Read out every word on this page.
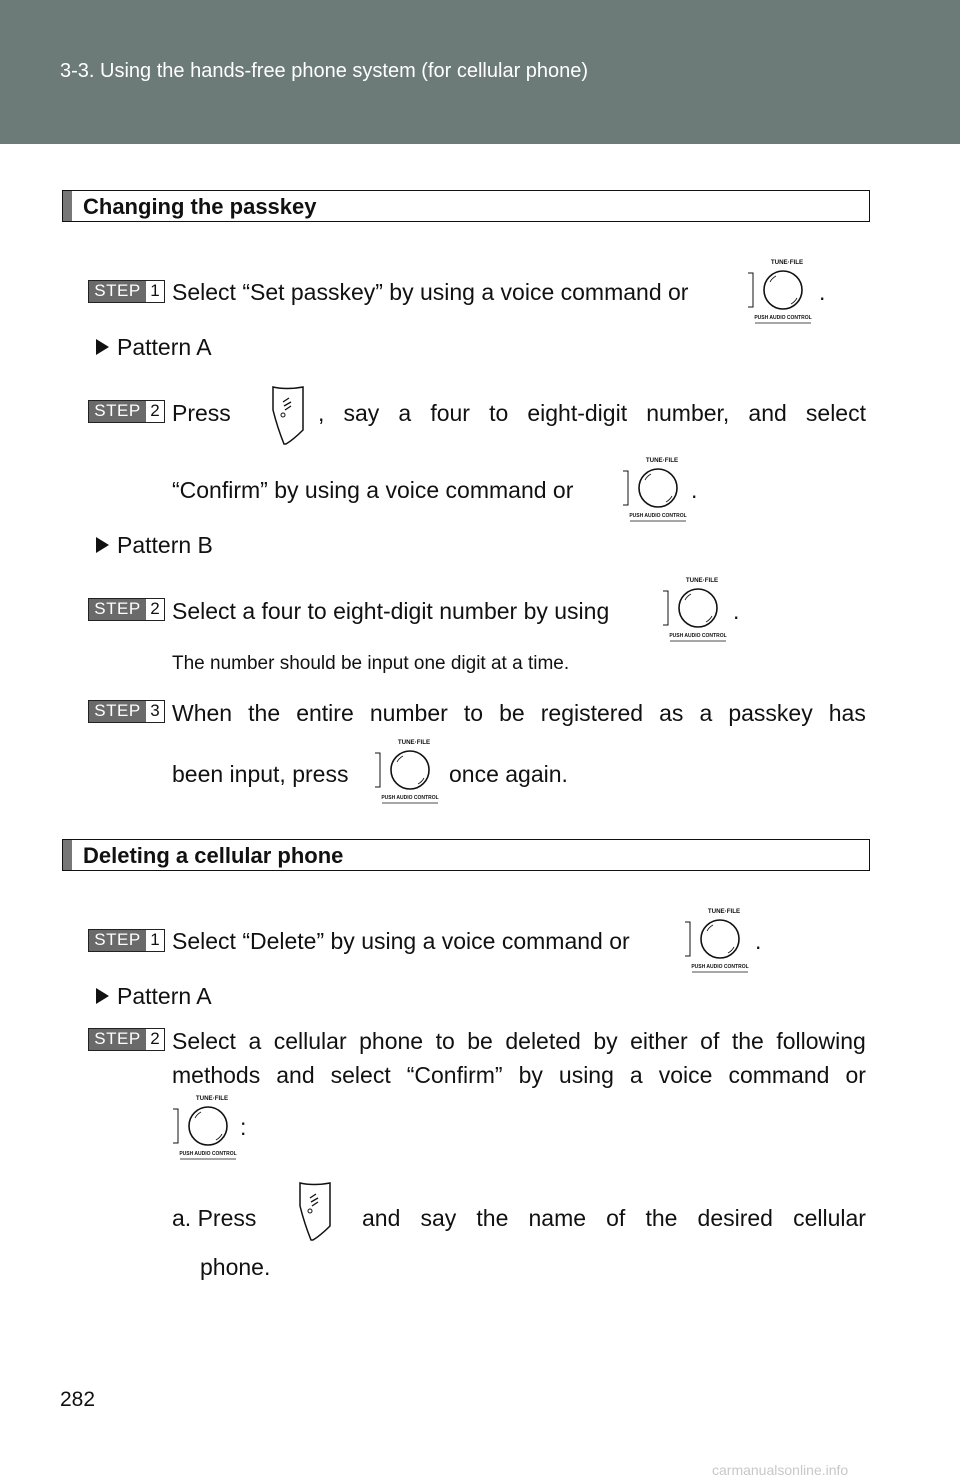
3-3. Using the hands-free phone system (for cellular phone)
Changing the passkey
STEP 1 Select “Set passkey” by using a voice command or
TUNE·FILE
PUSH AUDIO CONTROL
.
Pattern A
STEP 2 Press	, say a four to eight-digit number, and select
“Confirm” by using a voice command or
TUNE·FILE
PUSH AUDIO CONTROL
.
Pattern B
STEP 2 Select a four to eight-digit number by using
TUNE·FILE
PUSH AUDIO CONTROL
.
The number should be input one digit at a time.
STEP 3 When the entire number to be registered as a passkey has
been input, press
TUNE·FILE
PUSH AUDIO CONTROL
once again.
Deleting a cellular phone
STEP 1 Select “Delete” by using a voice command or
TUNE·FILE
PUSH AUDIO CONTROL
.
Pattern A
STEP 2 Select a cellular phone to be deleted by either of the following
methods and select “Confirm” by using a voice command or
TUNE·FILE
PUSH AUDIO CONTROL
:
a. Press	and say the name of the desired cellular
phone.
282
carmanualsonline.info
